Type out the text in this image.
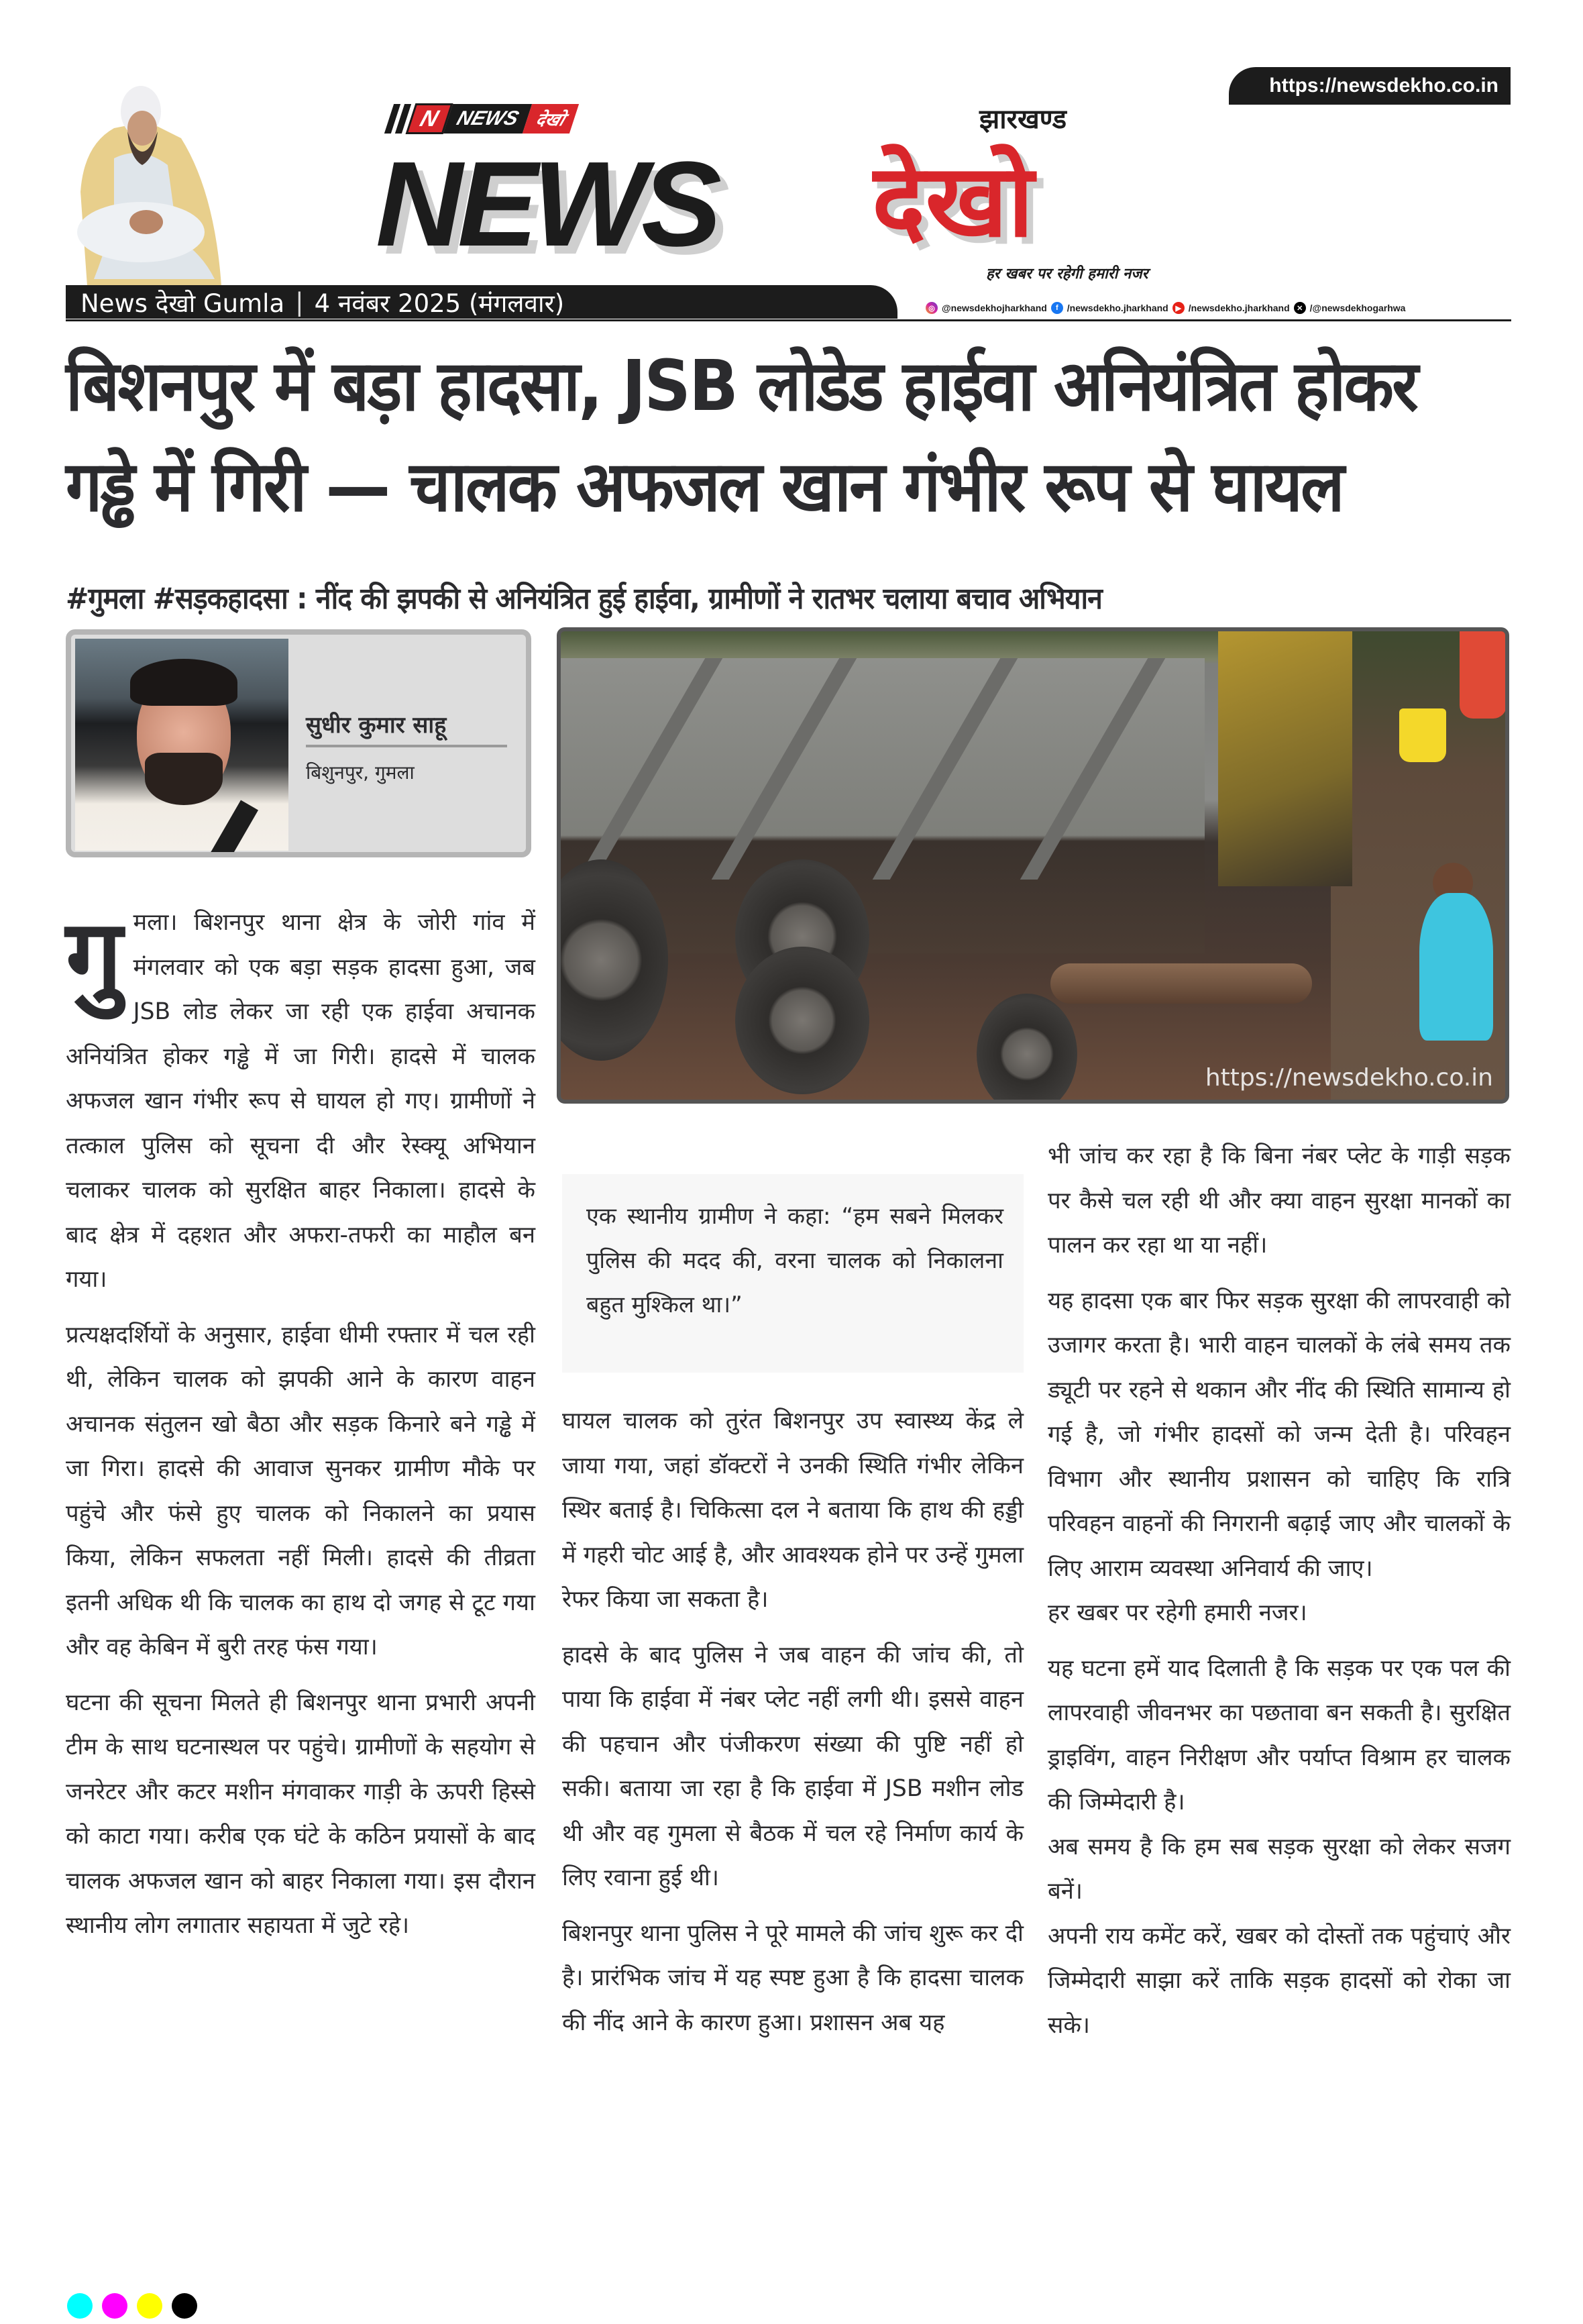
N NEWS देखो
NEWS
झारखण्ड
देखो
हर खबर पर रहेगी हमारी नजर
https://newsdekho.co.in
News देखो Gumla | 4 नवंबर 2025 (मंगलवार)	◎ @newsdekhojharkhand	f /newsdekho.jharkhand ▶ /newsdekho.jharkhand ✕ /@newsdekhogarhwa
बिशनपुर में बड़ा हादसा, JSB लोडेड हाईवा अनियंत्रित होकर गड्ढे में गिरी — चालक अफजल खान गंभीर रूप से घायल
#गुमला #सड़कहादसा : नींद की झपकी से अनियंत्रित हुई हाईवा, ग्रामीणों ने रातभर चलाया बचाव अभियान
सुधीर कुमार साहू
बिशुनपुर, गुमला
https://newsdekho.co.in

गुमला। बिशनपुर थाना क्षेत्र के जोरी गांव में मंगलवार को एक बड़ा सड़क हादसा हुआ, जब JSB लोड लेकर जा रही एक हाईवा अचानक अनियंत्रित होकर गड्ढे में जा गिरी। हादसे में चालक अफजल खान गंभीर रूप से घायल हो गए। ग्रामीणों ने तत्काल पुलिस को सूचना दी और रेस्क्यू अभियान चलाकर चालक को सुरक्षित बाहर निकाला। हादसे के बाद क्षेत्र में दहशत और अफरा-तफरी का माहौल बन गया।

प्रत्यक्षदर्शियों के अनुसार, हाईवा धीमी रफ्तार में चल रही थी, लेकिन चालक को झपकी आने के कारण वाहन अचानक संतुलन खो बैठा और सड़क किनारे बने गड्ढे में जा गिरा। हादसे की आवाज सुनकर ग्रामीण मौके पर पहुंचे और फंसे हुए चालक को निकालने का प्रयास किया, लेकिन सफलता नहीं मिली। हादसे की तीव्रता इतनी अधिक थी कि चालक का हाथ दो जगह से टूट गया और वह केबिन में बुरी तरह फंस गया।

घटना की सूचना मिलते ही बिशनपुर थाना प्रभारी अपनी टीम के साथ घटनास्थल पर पहुंचे। ग्रामीणों के सहयोग से जनरेटर और कटर मशीन मंगवाकर गाड़ी के ऊपरी हिस्से को काटा गया। करीब एक घंटे के कठिन प्रयासों के बाद चालक अफजल खान को बाहर निकाला गया। इस दौरान स्थानीय लोग लगातार सहायता में जुटे रहे।

एक स्थानीय ग्रामीण ने कहा: “हम सबने मिलकर पुलिस की मदद की, वरना चालक को निकालना बहुत मुश्किल था।”

घायल चालक को तुरंत बिशनपुर उप स्वास्थ्य केंद्र ले जाया गया, जहां डॉक्टरों ने उनकी स्थिति गंभीर लेकिन स्थिर बताई है। चिकित्सा दल ने बताया कि हाथ की हड्डी में गहरी चोट आई है, और आवश्यक होने पर उन्हें गुमला रेफर किया जा सकता है।

हादसे के बाद पुलिस ने जब वाहन की जांच की, तो पाया कि हाईवा में नंबर प्लेट नहीं लगी थी। इससे वाहन की पहचान और पंजीकरण संख्या की पुष्टि नहीं हो सकी। बताया जा रहा है कि हाईवा में JSB मशीन लोड थी और वह गुमला से बैठक में चल रहे निर्माण कार्य के लिए रवाना हुई थी।

बिशनपुर थाना पुलिस ने पूरे मामले की जांच शुरू कर दी है। प्रारंभिक जांच में यह स्पष्ट हुआ है कि हादसा चालक की नींद आने के कारण हुआ। प्रशासन अब यह

भी जांच कर रहा है कि बिना नंबर प्लेट के गाड़ी सड़क पर कैसे चल रही थी और क्या वाहन सुरक्षा मानकों का पालन कर रहा था या नहीं।

यह हादसा एक बार फिर सड़क सुरक्षा की लापरवाही को उजागर करता है। भारी वाहन चालकों के लंबे समय तक ड्यूटी पर रहने से थकान और नींद की स्थिति सामान्य हो गई है, जो गंभीर हादसों को जन्म देती है। परिवहन विभाग और स्थानीय प्रशासन को चाहिए कि रात्रि परिवहन वाहनों की निगरानी बढ़ाई जाए और चालकों के लिए आराम व्यवस्था अनिवार्य की जाए।

हर खबर पर रहेगी हमारी नजर।

यह घटना हमें याद दिलाती है कि सड़क पर एक पल की लापरवाही जीवनभर का पछतावा बन सकती है। सुरक्षित ड्राइविंग, वाहन निरीक्षण और पर्याप्त विश्राम हर चालक की जिम्मेदारी है।

अब समय है कि हम सब सड़क सुरक्षा को लेकर सजग बनें।

अपनी राय कमेंट करें, खबर को दोस्तों तक पहुंचाएं और जिम्मेदारी साझा करें ताकि सड़क हादसों को रोका जा सके।
